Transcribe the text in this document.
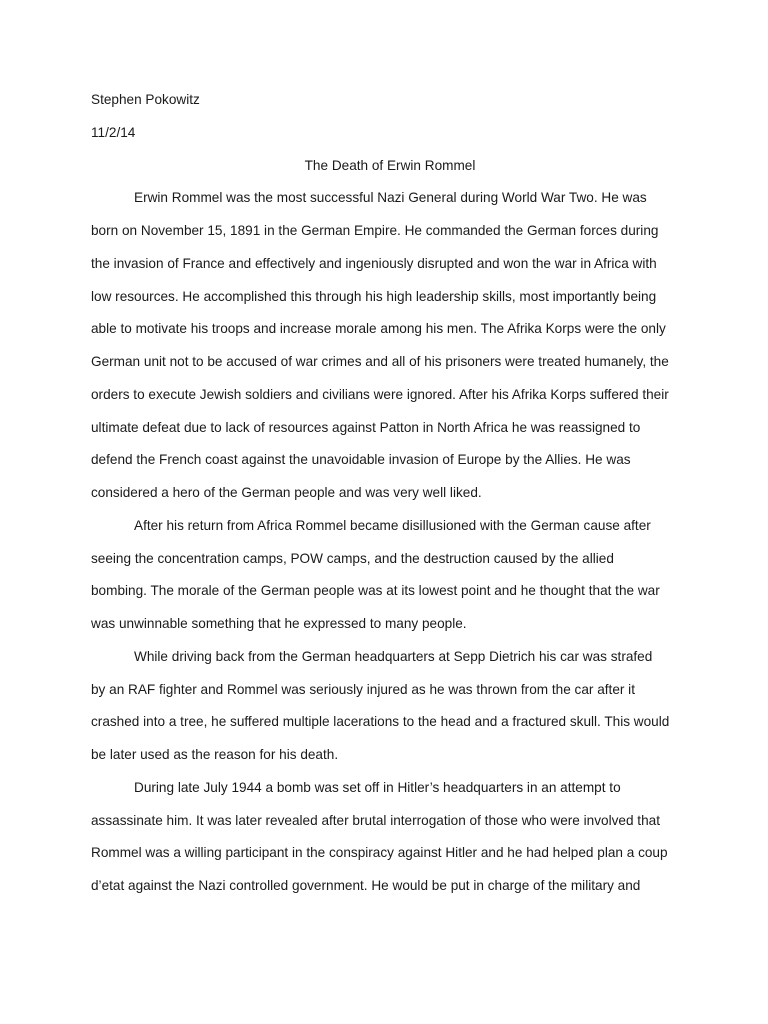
Stephen Pokowitz
11/2/14
The Death of Erwin Rommel
Erwin Rommel was the most successful Nazi General during World War Two. He was
born on November 15, 1891 in the German Empire. He commanded the German forces during
the invasion of France and effectively and ingeniously disrupted and won the war in Africa with
low resources. He accomplished this through his high leadership skills, most importantly being
able to motivate his troops and increase morale among his men. The Afrika Korps were the only
German unit not to be accused of war crimes and all of his prisoners were treated humanely, the
orders to execute Jewish soldiers and civilians were ignored. After his Afrika Korps suffered their
ultimate defeat due to lack of resources against Patton in North Africa he was reassigned to
defend the French coast against the unavoidable invasion of Europe by the Allies. He was
considered a hero of the German people and was very well liked.
After his return from Africa Rommel became disillusioned with the German cause after
seeing the concentration camps, POW camps, and the destruction caused by the allied
bombing. The morale of the German people was at its lowest point and he thought that the war
was unwinnable something that he expressed to many people.
While driving back from the German headquarters at Sepp Dietrich his car was strafed
by an RAF fighter and Rommel was seriously injured as he was thrown from the car after it
crashed into a tree, he suffered multiple lacerations to the head and a fractured skull. This would
be later used as the reason for his death.
During late July 1944 a bomb was set off in Hitler’s headquarters in an attempt to
assassinate him. It was later revealed after brutal interrogation of those who were involved that
Rommel was a willing participant in the conspiracy against Hitler and he had helped plan a coup
d’etat against the Nazi controlled government. He would be put in charge of the military and
